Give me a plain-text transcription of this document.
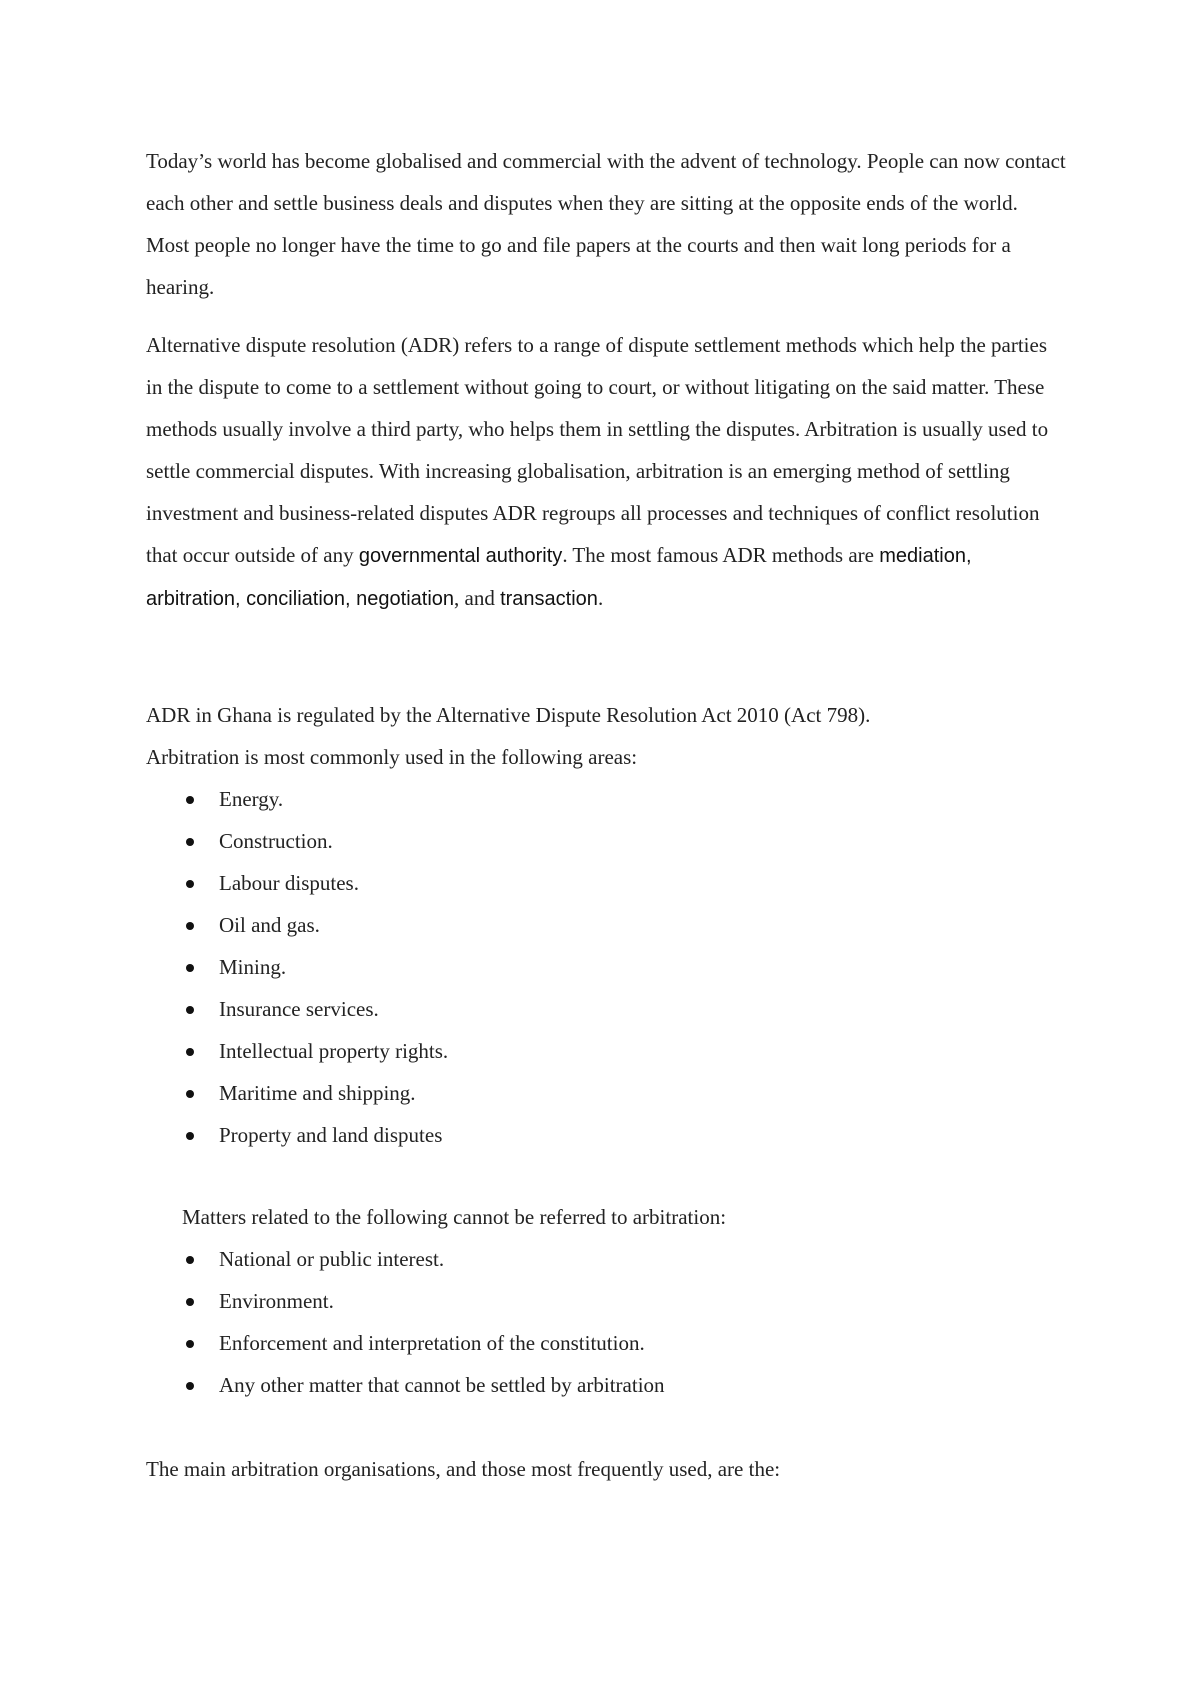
Today’s world has become globalised and commercial with the advent of technology. People can now contact each other and settle business deals and disputes when they are sitting at the opposite ends of the world. Most people no longer have the time to go and file papers at the courts and then wait long periods for a hearing.

Alternative dispute resolution (ADR) refers to a range of dispute settlement methods which help the parties in the dispute to come to a settlement without going to court, or without litigating on the said matter. These methods usually involve a third party, who helps them in settling the disputes. Arbitration is usually used to settle commercial disputes. With increasing globalisation, arbitration is an emerging method of settling investment and business-related disputes ADR regroups all processes and techniques of conflict resolution that occur outside of any governmental authority. The most famous ADR methods are mediation, arbitration, conciliation, negotiation, and transaction.

ADR in Ghana is regulated by the Alternative Dispute Resolution Act 2010 (Act 798).

Arbitration is most commonly used in the following areas:

Energy.
Construction.
Labour disputes.
Oil and gas.
Mining.
Insurance services.
Intellectual property rights.
Maritime and shipping.
Property and land disputes

Matters related to the following cannot be referred to arbitration:

National or public interest.
Environment.
Enforcement and interpretation of the constitution.
Any other matter that cannot be settled by arbitration

The main arbitration organisations, and those most frequently used, are the:
